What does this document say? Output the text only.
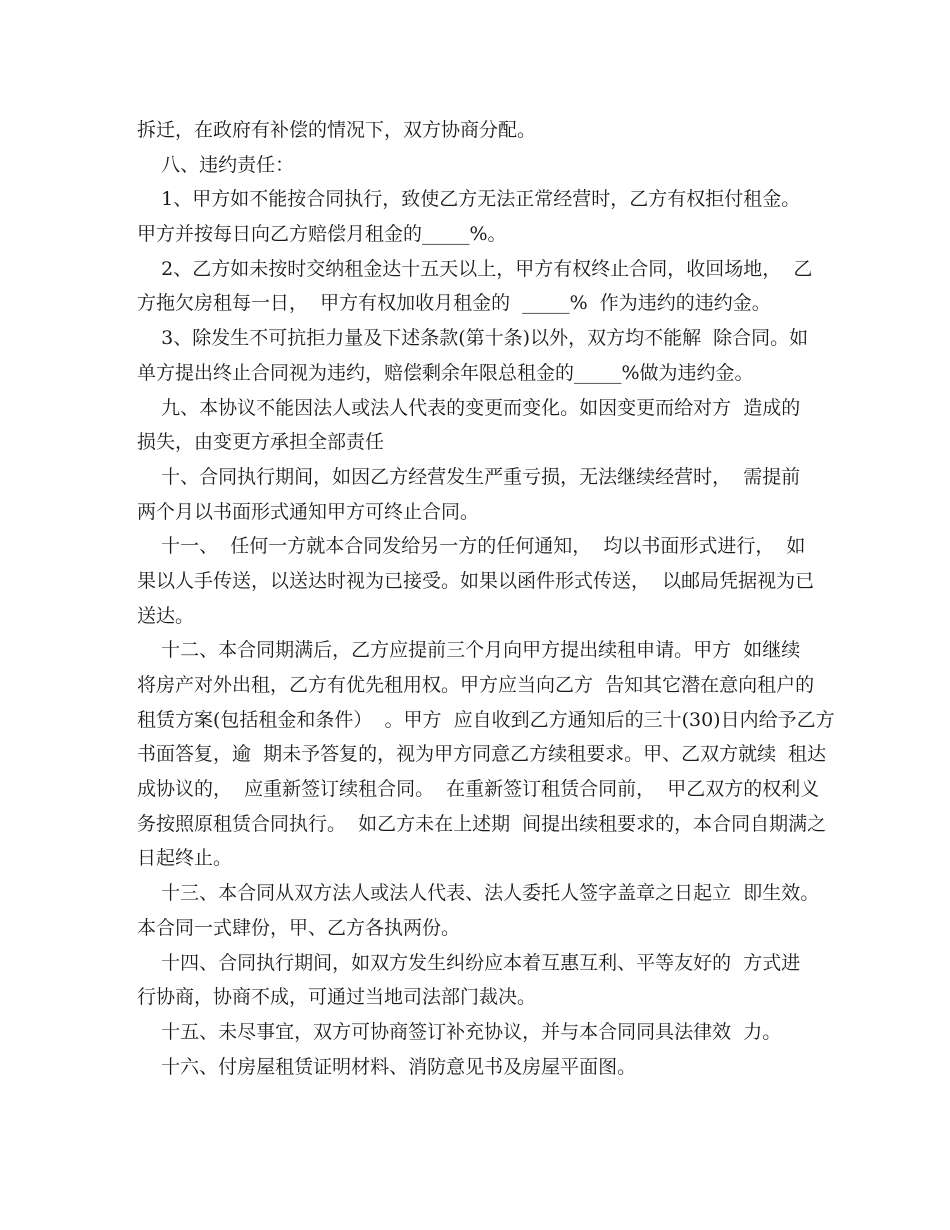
拆迁，在政府有补偿的情况下，双方协商分配。
八、违约责任：
1、甲方如不能按合同执行，致使乙方无法正常经营时，乙方有权拒付租金。
甲方并按每日向乙方赔偿月租金的_____%。
2、乙方如未按时交纳租金达十五天以上，甲方有权终止合同，收回场地，  乙
方拖欠房租每一日，  甲方有权加收月租金的  _____%  作为违约的违约金。
3、除发生不可抗拒力量及下述条款(第十条)以外，双方均不能解  除合同。如
单方提出终止合同视为违约，赔偿剩余年限总租金的_____%做为违约金。
九、本协议不能因法人或法人代表的变更而变化。如因变更而给对方  造成的
损失，由变更方承担全部责任
十、合同执行期间，如因乙方经营发生严重亏损，无法继续经营时，  需提前
两个月以书面形式通知甲方可终止合同。
十一、  任何一方就本合同发给另一方的任何通知，  均以书面形式进行，  如
果以人手传送，以送达时视为已接受。如果以函件形式传送，  以邮局凭据视为已
送达。
十二、本合同期满后，乙方应提前三个月向甲方提出续租申请。甲方  如继续
将房产对外出租，乙方有优先租用权。甲方应当向乙方  告知其它潜在意向租户的
租赁方案(包括租金和条件）  。甲方  应自收到乙方通知后的三十(30)日内给予乙方
书面答复，逾  期未予答复的，视为甲方同意乙方续租要求。甲、乙双方就续  租达
成协议的，  应重新签订续租合同。  在重新签订租赁合同前，  甲乙双方的权利义
务按照原租赁合同执行。  如乙方未在上述期  间提出续租要求的，本合同自期满之
日起终止。
十三、本合同从双方法人或法人代表、法人委托人签字盖章之日起立  即生效。
本合同一式肆份，甲、乙方各执两份。
十四、合同执行期间，如双方发生纠纷应本着互惠互利、平等友好的  方式进
行协商，协商不成，可通过当地司法部门裁决。
十五、未尽事宜，双方可协商签订补充协议，并与本合同同具法律效  力。
十六、付房屋租赁证明材料、消防意见书及房屋平面图。
